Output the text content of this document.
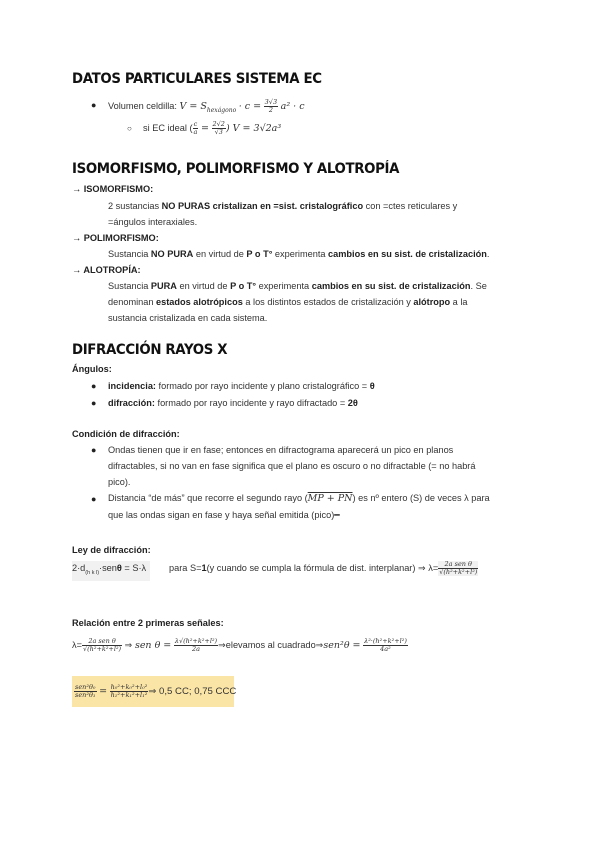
DATOS PARTICULARES SISTEMA EC
● Volumen celdilla: $V = S_{hexágono} \cdot c = \frac{3√3}{2} a^2 \cdot c$
○ si EC ideal ( $\frac{c}{a} = \frac{2√2}{√3}$ ) V = 3√2a³
ISOMORFISMO, POLIMORFISMO Y ALOTROPÍA
→ ISOMORFISMO:
2 sustancias NO PURAS cristalizan en =sist. cristalográfico con =ctes reticulares y
=ángulos interaxiales.
→ POLIMORFISMO:
Sustancia NO PURA en virtud de P o T° experimenta cambios en su sist. de cristalización.
→ ALOTROPÍA:
Sustancia PURA en virtud de P o T° experimenta cambios en su sist. de cristalización. Se
denominan estados alotrópicos a los distintos estados de cristalización y alótropo a la
sustancia cristalizada en cada sistema.
DIFRACCIÓN RAYOS X
Ángulos:
● incidencia: formado por rayo incidente y plano cristalográfico = θ
● difracción: formado por rayo incidente y rayo difractado = 2θ
Condición de difracción:
● Ondas tienen que ir en fase; entonces en difractograma aparecerá un pico en planos
difractables, si no van en fase significa que el plano es oscuro o no difractable (= no habrá
pico).
● Distancia “de más” que recorre el segundo rayo (MP + PN) es nº entero (S) de veces λ para
que las ondas sigan en fase y haya señal emitida (pico)━
Ley de difracción:
$2\cdot d_{(h k l)}\cdot sen\theta = S\cdot\lambda$	para S=1(y cuando se cumpla la fórmula de dist. interplanar) ⇒ $\lambda= \frac{\text{2a sen θ}}{\text{√(h²+k²+l²)}}$
Relación entre 2 primeras señales:
$\lambda= \frac{\text{2a sen θ}}{\text{√(h²+k²+l²)}}$ ⇒ sen $\theta = \frac{\text{λ√(h²+k²+l²)}}{2a}$ ⇒elevamos al cuadrado⇒sen²θ = $\frac{\text{λ²·(h²+k²+l²)}}{\text{4a²}}$
$\frac{\text{sen²θ₀}}{\text{sen²θ₁}} = \frac{\text{h₀²+k₀²+l₀²}}{\text{h₁²+k₁²+l₁²}}$ ⇒ 0,5 CC; 0,75 CCC
